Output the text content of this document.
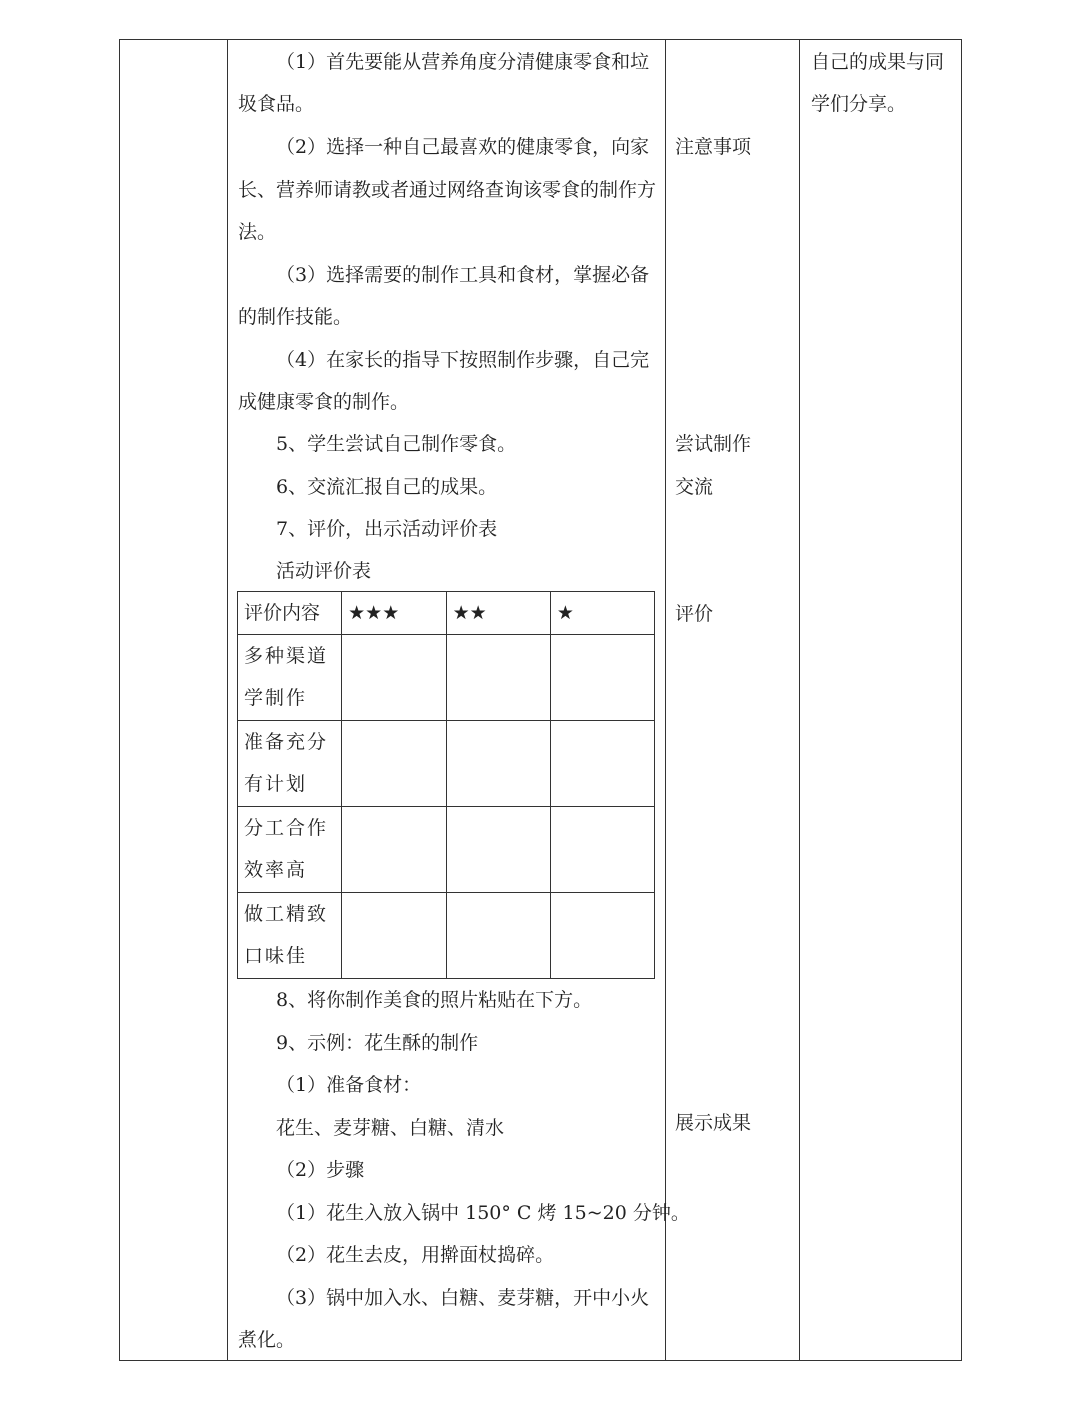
（1）首先要能从营养角度分清健康零食和垃
圾食品。
（2）选择一种自己最喜欢的健康零食，向家
长、营养师请教或者通过网络查询该零食的制作方
法。
（3）选择需要的制作工具和食材，掌握必备
的制作技能。
（4）在家长的指导下按照制作步骤，自己完
成健康零食的制作。
5、学生尝试自己制作零食。
6、交流汇报自己的成果。
7、评价，出示活动评价表
活动评价表
评价内容	★★★	★★	★

多种渠道
学制作			

准备充分
有计划			

分工合作
效率高			

做工精致
口味佳			

8、将你制作美食的照片粘贴在下方。
9、示例：花生酥的制作
（1）准备食材：
花生、麦芽糖、白糖、清水
（2）步骤
（1）花生入放入锅中 150° C 烤 15~20 分钟。
（2）花生去皮，用擀面杖捣碎。
（3）锅中加入水、白糖、麦芽糖，开中小火
煮化。
注意事项
尝试制作
交流
评价
展示成果
自己的成果与同
学们分享。
